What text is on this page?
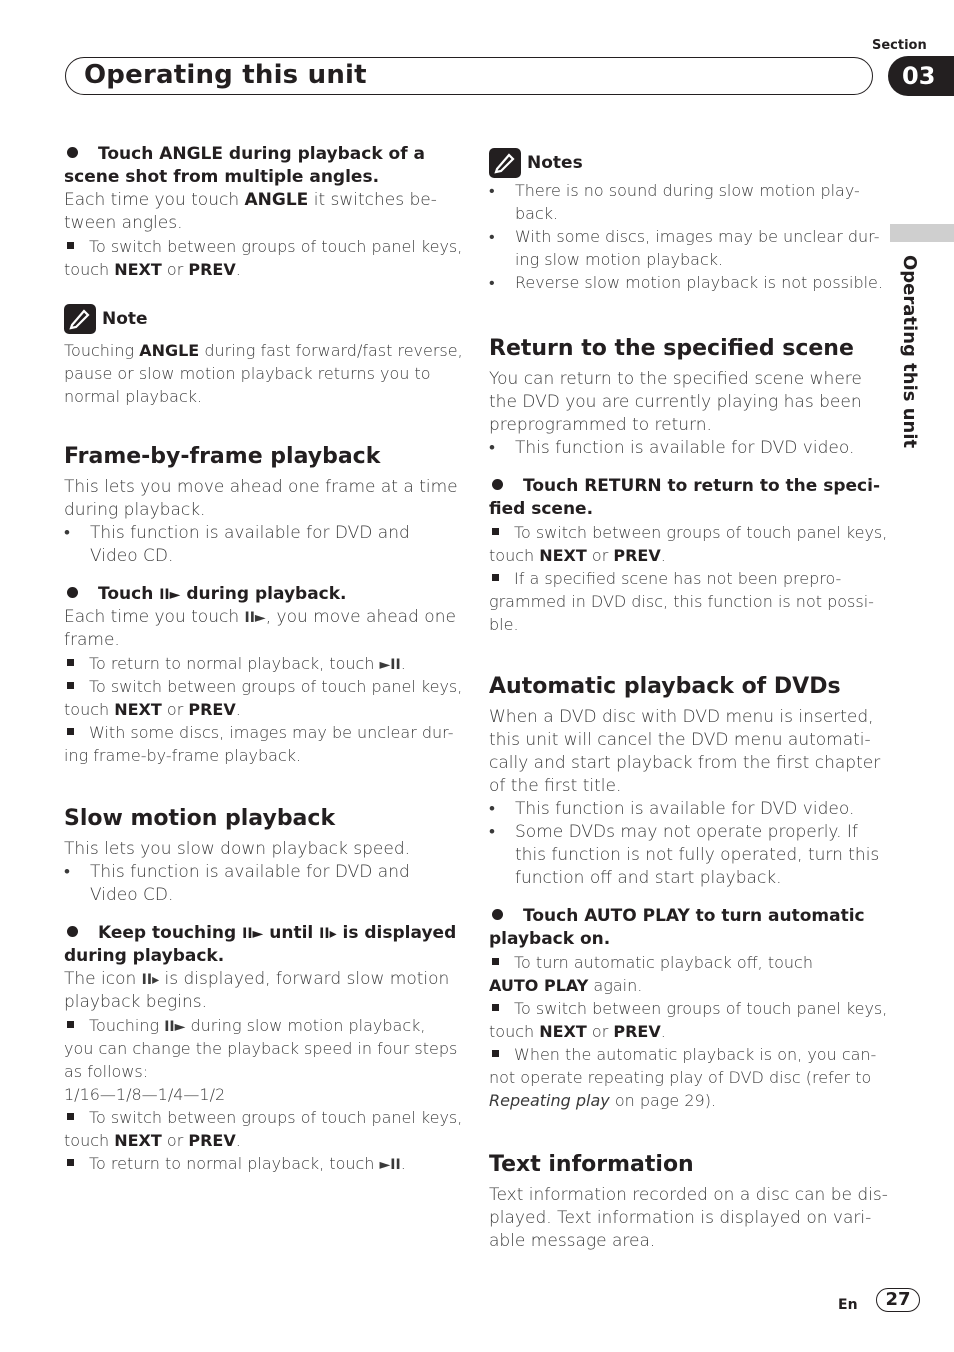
Section
Operating this unit	03
Operating this unit
Touch ANGLE during playback of a
scene shot from multiple angles.
Each time you touch ANGLE it switches be-
tween angles.
To switch between groups of touch panel keys,
touch NEXT or PREV.
Note
Touching ANGLE during fast forward/fast reverse,
pause or slow motion playback returns you to
normal playback.
Frame-by-frame playback
This lets you move ahead one frame at a time
during playback.
• This function is available for DVD and
Video CD.
Touch II► during playback.
Each time you touch II►, you move ahead one
frame.
To return to normal playback, touch ►II.
To switch between groups of touch panel keys,
touch NEXT or PREV.
With some discs, images may be unclear dur-
ing frame-by-frame playback.
Slow motion playback
This lets you slow down playback speed.
• This function is available for DVD and
Video CD.
Keep touching II► until II▸ is displayed
during playback.
The icon II▸ is displayed, forward slow motion
playback begins.
Touching II► during slow motion playback,
you can change the playback speed in four steps
as follows:
1/16—1/8—1/4—1/2
To switch between groups of touch panel keys,
touch NEXT or PREV.
To return to normal playback, touch ►II.
Notes
• There is no sound during slow motion play-
back.
• With some discs, images may be unclear dur-
ing slow motion playback.
• Reverse slow motion playback is not possible.
Return to the specified scene
You can return to the specified scene where
the DVD you are currently playing has been
preprogrammed to return.
• This function is available for DVD video.
Touch RETURN to return to the speci-
fied scene.
To switch between groups of touch panel keys,
touch NEXT or PREV.
If a specified scene has not been prepro-
grammed in DVD disc, this function is not possi-
ble.
Automatic playback of DVDs
When a DVD disc with DVD menu is inserted,
this unit will cancel the DVD menu automati-
cally and start playback from the first chapter
of the first title.
• This function is available for DVD video.
• Some DVDs may not operate properly. If
this function is not fully operated, turn this
function off and start playback.
Touch AUTO PLAY to turn automatic
playback on.
To turn automatic playback off, touch
AUTO PLAY again.
To switch between groups of touch panel keys,
touch NEXT or PREV.
When the automatic playback is on, you can-
not operate repeating play of DVD disc (refer to
Repeating play on page 29).
Text information
Text information recorded on a disc can be dis-
played. Text information is displayed on vari-
able message area.
En	27
